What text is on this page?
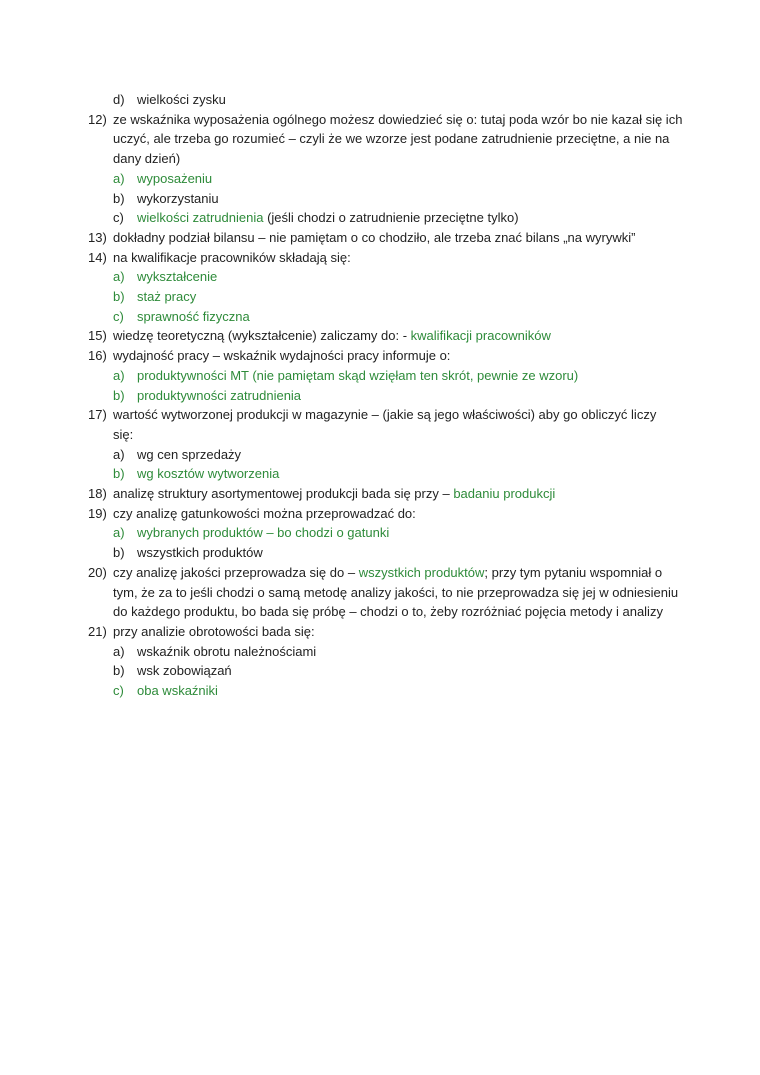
d) wielkości zysku
12) ze wskaźnika wyposażenia ogólnego możesz dowiedzieć się o: tutaj poda wzór bo nie kazał się ich
uczyć, ale trzeba go rozumieć – czyli że we wzorze jest podane zatrudnienie przeciętne, a nie na
dany dzień)
a) wyposażeniu
b) wykorzystaniu
c)	wielkości zatrudnienia (jeśli chodzi o zatrudnienie przeciętne tylko)
13) dokładny podział bilansu – nie pamiętam o co chodziło, ale trzeba znać bilans „na wyrywki”
14) na kwalifikacje pracowników składają się:
a) wykształcenie
b) staż pracy
c)	sprawność fizyczna
15) wiedzę teoretyczną (wykształcenie) zaliczamy do: - kwalifikacji pracowników
16) wydajność pracy – wskaźnik wydajności pracy informuje o:
a) produktywności MT (nie pamiętam skąd wzięłam ten skrót, pewnie ze wzoru)
b) produktywności zatrudnienia
17) wartość wytworzonej produkcji w magazynie – (jakie są jego właściwości) aby go obliczyć liczy
się:
a) wg cen sprzedaży
b) wg kosztów wytworzenia
18) analizę struktury asortymentowej produkcji bada się przy – badaniu produkcji
19) czy analizę gatunkowości można przeprowadzać do:
a) wybranych produktów – bo chodzi o gatunki
b) wszystkich produktów
20) czy analizę jakości przeprowadza się do – wszystkich produktów; przy tym pytaniu wspomniał o
tym, że za to jeśli chodzi o samą metodę analizy jakości, to nie przeprowadza się jej w odniesieniu
do każdego produktu, bo bada się próbę – chodzi o to, żeby rozróżniać pojęcia metody i analizy
21) przy analizie obrotowości bada się:
a) wskaźnik obrotu należnościami
b) wsk zobowiązań
c)	oba wskaźniki
